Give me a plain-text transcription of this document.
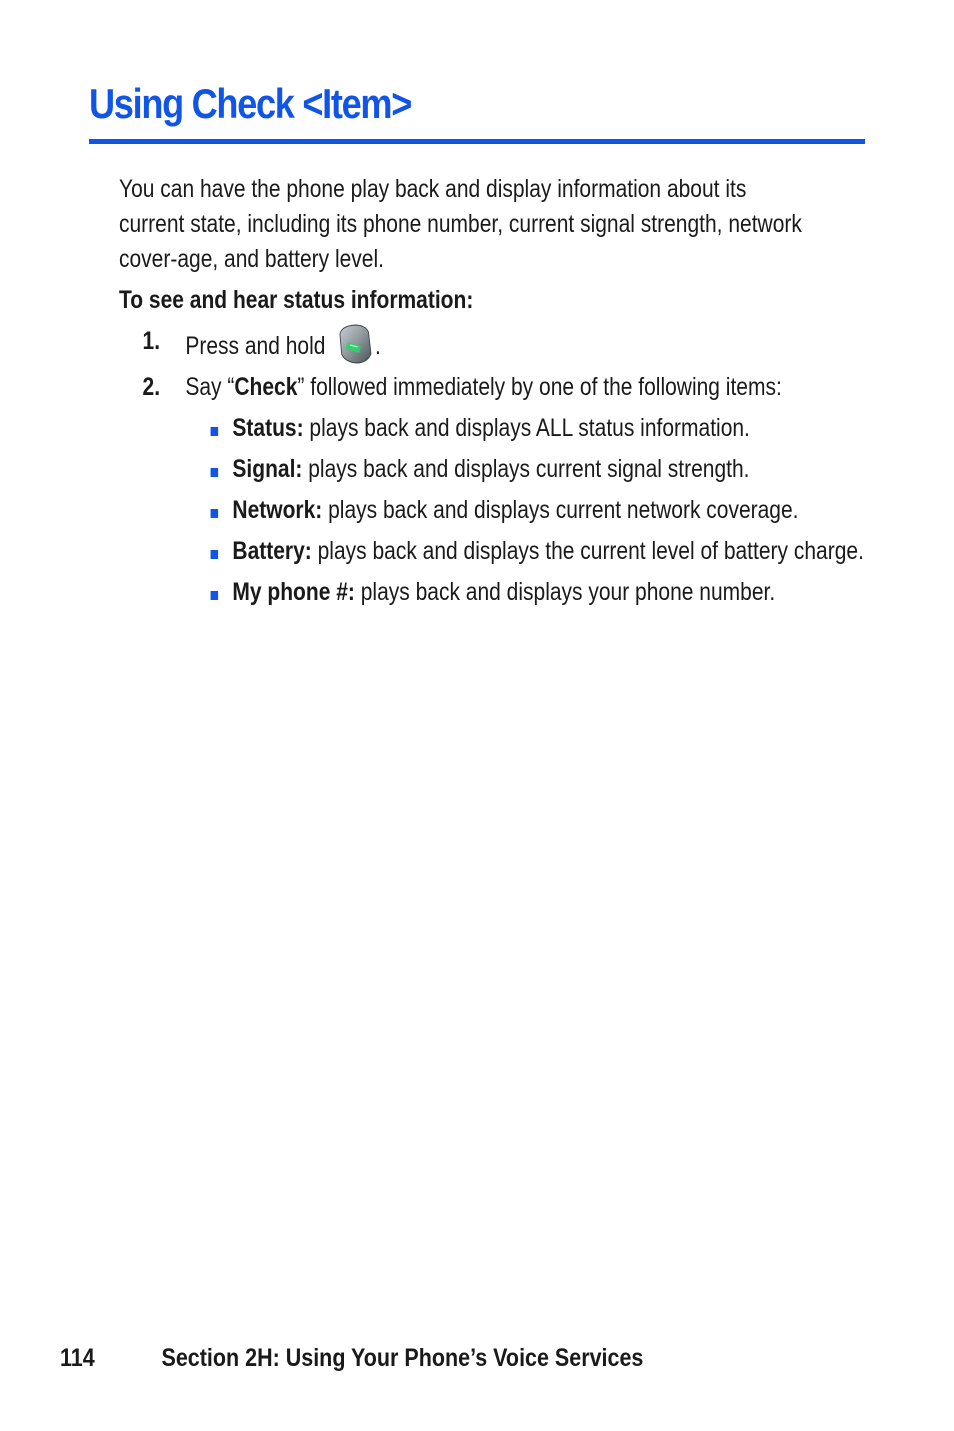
Using Check <Item>

You can have the phone play back and display information about its current state, including its phone number, current signal strength, network cover-age, and battery level.

To see and hear status information:

1. Press and hold .
2. Say “Check” followed immediately by one of the following items:
Status: plays back and displays ALL status information.
Signal: plays back and displays current signal strength.
Network: plays back and displays current network coverage.
Battery: plays back and displays the current level of battery charge.
My phone #: plays back and displays your phone number.
114	Section 2H: Using Your Phone’s Voice Services
